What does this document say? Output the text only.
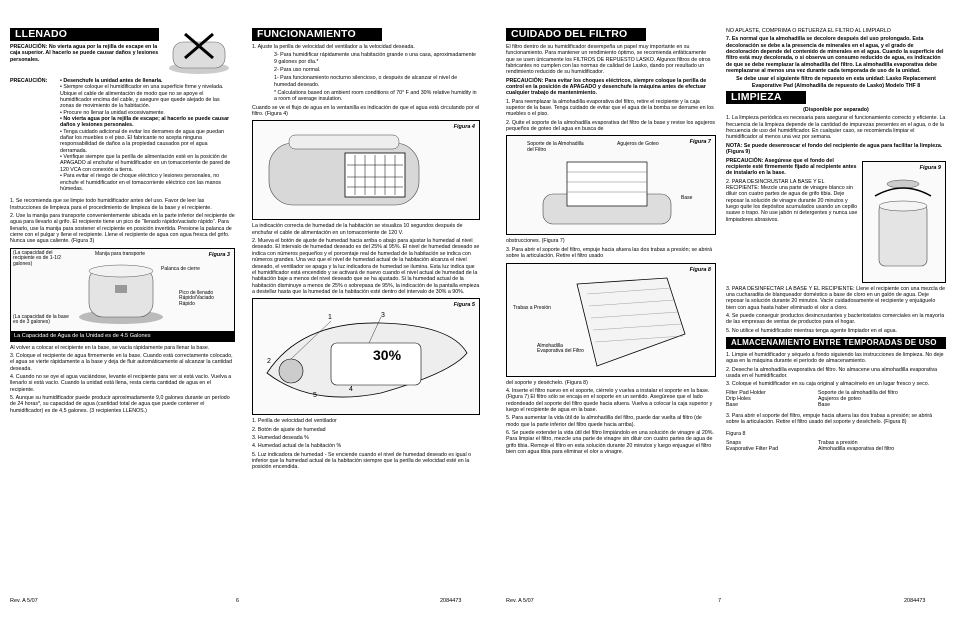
LLENADO

PRECAUCIÓN: No vierta agua por la rejilla de escape en la caja superior. Al hacerlo se puede causar daños y lesiones personales.

PRECAUCIÓN:	• Desenchufe la unidad antes de llenarla.
• Siempre coloque el humidificador en una superficie firme y nivelada. Ubique el cable de alimentación de modo que no se apoye el humidificador encima del cable, y asegure que quede alejado de las zonas de movimiento de la habitación.
• Procure no llenar la unidad excesivamente.
• No vierta agua por la rejilla de escape; al hacerlo se puede causar daños y lesiones personales.
• Tenga cuidado adicional de evitar los derrames de agua que puedan dañar los muebles o el piso. El fabricante no acepta ninguna responsabilidad de daños a la propiedad causados por el agua derramada.
• Verifique siempre que la perilla de alimentación esté en la posición de APAGADO al enchufar el humidificador en un tomacorriente de pared de 120 VCA con conexión a tierra.
• Para evitar el riesgo de choque eléctrico y lesiones personales, no enchufe el humidificador en el tomacorriente eléctrico con las manos húmedas.

1. Se recomienda que se limpie todo humidificador antes del uso. Favor de leer las Instrucciones de limpieza para el procedimiento de limpieza de la base y el recipiente.

2. Use la manija para transporte convenientemente ubicada en la parte inferior del recipiente de agua para llevarlo al grifo. El recipiente tiene un pico de “llenado rápido/vaciado rápido”. Para llenarlo, use la manija para sostener el recipiente en posición invertida. Presione la palanca de cierre con el pulgar y llene el recipiente. Llene el recipiente de agua con agua fresca del grifo. Nunca use agua caliente. (Figura 3)

Figura 3
(La capacidad del recipiente es de 1-1/2 galones)
Manija para transporte
Palanca de cierre
Pico de llenado Rápido/Vaciado Rápido
(La capacidad de la base es de 3 galones)
La Capacidad de Agua de la Unidad es de 4.5 Galones

Al volver a colocar el recipiente en la base, se vacía rápidamente para llenar la base.

3. Coloque el recipiente de agua firmemente en la base. Cuando está correctamente colocado, el agua se vierte rápidamente a la base y deja de fluir automáticamente al alcanzar la cantidad deseada.

4. Cuando no se oye el agua vaciándose, levante el recipiente para ver si está vacío. Vuelva a llenarlo si está vacío. Cuando la unidad está llena, resta cierta cantidad de agua en el recipiente.

5. Aunque su humidificador puede producir aproximadamente 9,0 galones durante un período de 24 horas*, su capacidad de agua (cantidad total de agua que puede contener el humidificador) es de 4,5 galones. (3 recipientes LLENOS.)

FUNCIONAMIENTO

1. Ajuste la perilla de velocidad del ventilador a la velocidad deseada.

3- Para humidificar rápidamente una habitación grande o una casa, aproximadamente 9 galones por día.*

2- Para uso normal.

1- Para funcionamiento nocturno silencioso, o después de alcanzar el nivel de humedad deseado.

* Calculations based on ambient room conditions of 70° F and 30% relative humidity in a room of average insulation.

Cuando se ve el flujo de agua en la ventanilla es indicación de que el agua está circulando por el filtro. (Figura 4)

Figura 4

La indicación correcta de humedad de la habitación se visualiza 10 segundos después de enchufar el cable de alimentación en un tomacorriente de 120 V.

2. Mueva el botón de ajuste de humedad hacia arriba o abajo para ajustar la humedad al nivel deseado. El intervalo de humedad deseado es del 25% al 95%. El nivel de humedad deseado se indica con números pequeños y el porcentaje real de humedad de la habitación se indica con números grandes. Una vez que el nivel de humedad actual de la habitación alcanza el nivel deseado, el ventilador se apaga y la luz indicadora de humedad se ilumina. Esta luz indica que el humidificador está encendido y se activará de nuevo cuando el nivel actual de humedad de la habitación baje a menos del nivel deseado que se ha ajustado. Si la humedad actual de la habitación disminuye a menos de 25% o sobrepasa de 95%, la indicación de la pantalla empieza a destellar hasta que la humedad de la habitación esté dentro del intervalo de 30% a 90%.

Figura 5
30%
2
1	3
4
5

1. Perilla de velocidad del ventilador

2. Botón de ajuste de humedad

3. Humedad deseada %

4. Humedad actual de la habitación %

5. Luz indicadora de humedad - Se enciende cuando el nivel de humedad deseado es igual o inferior que la humedad actual de la habitación siempre que la perilla de velocidad esté en la posición encendida.

CUIDADO DEL FILTRO

El filtro dentro de su humidificador desempeña un papel muy importante en su funcionamiento. Para mantener un rendimiento óptimo, se recomienda enfáticamente que se usen únicamente los FILTROS DE REPUESTO LASKO. Algunos filtros de otros fabricantes no cumplen con las normas de calidad de Lasko, dando por resultado un rendimiento reducido de su humidificador.

PRECAUCIÓN: Para evitar los choques eléctricos, siempre coloque la perilla de control en la posición de APAGADO y desenchufe la máquina antes de efectuar cualquier trabajo de mantenimiento.

1. Para reemplazar la almohadilla evaporativa del filtro, retire el recipiente y la caja superior de la base. Tenga cuidado de evitar que el agua de la bomba se derrame en los muebles o el piso.

2. Quite el soporte de la almohadilla evaporativa del filtro de la base y revise los agujeros pequeños de goteo del agua en busca de

Figura 7
Soporte de la Almohadilla del Filtro
Agujeros de Goteo
Base

obstrucciones. (Figura 7)

3. Para abrir el soporte del filtro, empuje hacia afuera las dos trabas a presión; se abrirá sobre la articulación. Retire el filtro usado

Figura 8
Trabas a Presión
Almohadilla Evaporativa del Filtro

del soporte y deséchelo. (Figura 8)

4. Inserte el filtro nuevo en el soporte, ciérrelo y vuelva a instalar el soporte en la base. (Figura 7) El filtro sólo se encaja en el soporte en un sentido. Asegúrese que el lado redondeado del soporte del filtro quede hacia afuera. Vuelva a colocar la caja superior y luego el recipiente de agua en la base.

5. Para aumentar la vida útil de la almohadilla del filtro, puede dar vuelta al filtro (de modo que la parte inferior del filtro quede hacia arriba).

6. Se puede extender la vida útil del filtro limpiándolo en una solución de vinagre al 20%. Para limpiar el filtro, mezcle una parte de vinagre sin diluir con cuatro partes de agua de grifo tibia. Remoje el filtro en esta solución durante 20 minutos y luego enjuague el filtro bien con agua tibia para eliminar el olor a vinagre.

NO APLASTE, COMPRIMA O RETUERZA EL FILTRO AL LIMPIARLO

7. Es normal que la almohadilla se decolore después del uso prolongado. Esta decoloración se debe a la presencia de minerales en el agua, y el grado de decoloración depende del contenido de minerales en el agua. Cuando la superficie del filtro está muy decolorada, o si observa un consumo reducido de agua, es indicación de que se debe reemplazar la almohadilla del filtro. La almohadilla evaporativa debe reemplazarse al menos una vez durante cada temporada de uso de la unidad.

Se debe usar el siguiente filtro de repuesto en esta unidad: Lasko Replacement Evaporative Pad (Almohadilla de repuesto de Lasko) Modelo THF 8

LIMPIEZA

(Disponible por separado)

1. La limpieza periódica es necesaria para asegurar el funcionamiento correcto y eficiente. La frecuencia de la limpieza depende de la cantidad de impurezas presentes en el agua, o de la frecuencia de uso del humidificador. En cualquier caso, se recomienda limpiar el humidificador al menos una vez por semana.

NOTA: Se puede desenroscar el fondo del recipiente de agua para facilitar la limpieza. (Figura 9)

PRECAUCIÓN: Asegúrese que el fondo del recipiente esté firmemente fijado al recipiente antes de instalarlo en la base.

2. PARA DESINCRUSTAR LA BASE Y EL RECIPIENTE: Mezcle una parte de vinagre blanco sin diluir con cuatro partes de agua de grifo tibia. Deje reposar la solución de vinagre durante 20 minutos y luego quite los depósitos acumulados usando un cepillo suave o trapo. No use jabón ni detergentes y nunca use limpiadores abrasivos.

Figura 9

3. PARA DESINFECTAR LA BASE Y EL RECIPIENTE: Llene el recipiente con una mezcla de una cucharadita de blanqueador doméstico a base de cloro en un galón de agua. Deje reposar la solución durante 20 minutos. Vacíe cuidadosamente el recipiente y enjuáguelo bien con agua hasta haber eliminado el olor a cloro.

4. Se puede conseguir productos desincrustantes y bacteriostatos comerciales en la mayoría de las empresas de ventas de productos para el hogar.

5. No utilice el humidificador mientras tenga agente limpiador en el agua.

ALMACENAMIENTO ENTRE TEMPORADAS DE USO

1. Limpie el humidificador y séquelo a fondo siguiendo las instrucciones de limpieza. No deje agua en la máquina durante el período de almacenamiento.

2. Deseche la almohadilla evaporativa del filtro. No almacene una almohadilla evaporativa usada en el humidificador.

3. Coloque el humidificador en su caja original y almacénelo en un lugar fresco y seco.

Filter Pad Holder	Soporte de la almohadilla del filtro
Drip Holes	Agujeros de goteo
Base	Base

3. Para abrir el soporte del filtro, empuje hacia afuera las dos trabas a presión; se abrirá sobre la articulación. Retire el filtro usado del soporte y deséchelo. (Figura 8)

Figura 8

Snaps	Trabas a presión
Evaporative Filter Pad	Almohadilla evaporativa del filtro
Rev. A 5/07	6	2084473	Rev. A 5/07	7	2084473
